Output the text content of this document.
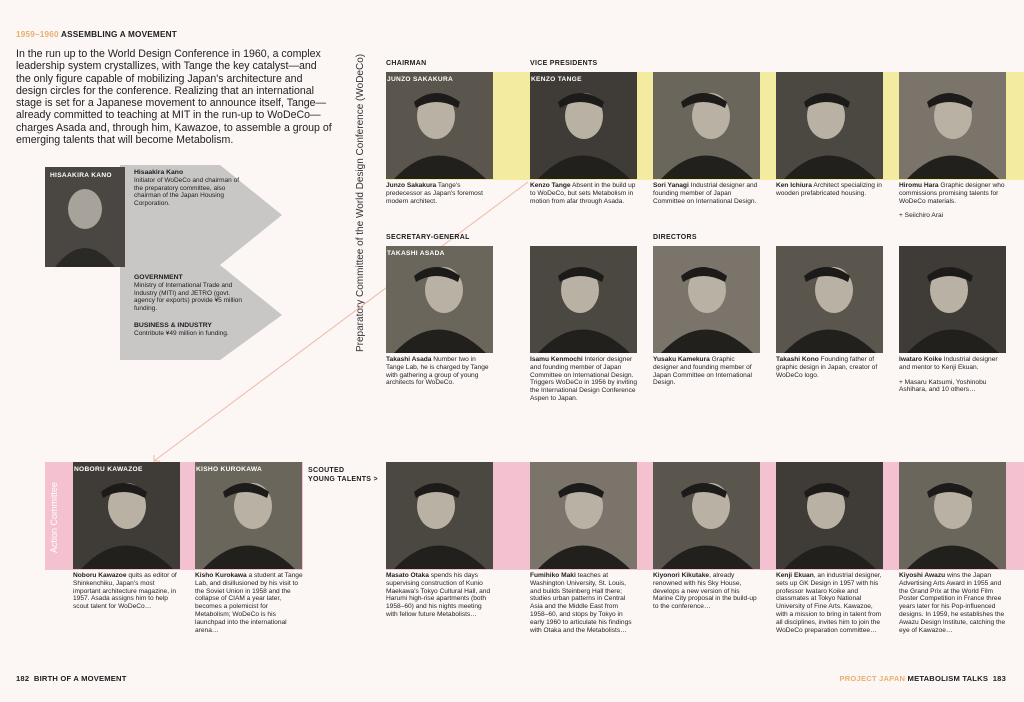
1959–1960 ASSEMBLING A MOVEMENT
In the run up to the World Design Conference in 1960, a complex leadership system crystallizes, with Tange the key catalyst—and the only figure capable of mobilizing Japan's architecture and design circles for the conference. Realizing that an international stage is set for a Japanese movement to announce itself, Tange—already committed to teaching at MIT in the run-up to WoDeCo—charges Asada and, through him, Kawazoe, to assemble a group of emerging talents that will become Metabolism.
HISAAKIRA KANO	Hisaakira Kano
Initiator of WoDeCo and chairman of the preparatory committee, also chairman of the Japan Housing Corporation.
GOVERNMENT
Ministry of International Trade and Industry (MITI) and JETRO (govt. agency for exports) provide ¥5 million funding.
BUSINESS & INDUSTRY
Contribute ¥49 million in funding.	Preparatory Committee of the World Design Conference (WoDeCo)	CHAIRMAN	VICE PRESIDENTS
SECRETARY-GENERAL	DIRECTORS
SCOUTED
YOUNG TALENTS >
JUNZO SAKAKURA
Junzo Sakakura Tange's predecessor as Japan's foremost modern architect.
KENZO TANGE
Kenzo Tange Absent in the build up to WoDeCo, but sets Metabolism in motion from afar through Asada.
Sori Yanagi Industrial designer and founding member of Japan Committee on International Design.
Ken Ichiura Architect specializing in wooden prefabricated housing.
Hiromu Hara Graphic designer who commissions promising talents for WoDeCo materials.
+ Seiichiro Arai
TAKASHI ASADA
Takashi Asada Number two in Tange Lab, he is charged by Tange with gathering a group of young architects for WoDeCo.
Isamu Kenmochi Interior designer and founding member of Japan Committee on International Design. Triggers WoDeCo in 1956 by inviting the International Design Conference Aspen to Japan.
Yusaku Kamekura Graphic designer and founding member of Japan Committee on International Design.
Takashi Kono Founding father of graphic design in Japan, creator of WoDeCo logo.
Iwataro Koike Industrial designer and mentor to Kenji Ekuan.
+ Masaru Katsumi, Yoshinobu Ashihara, and 10 others…
NOBORU KAWAZOE
Noboru Kawazoe quits as editor of Shinkenchiku, Japan's most important architecture magazine, in 1957. Asada assigns him to help scout talent for WoDeCo…
KISHO KUROKAWA
Kisho Kurokawa a student at Tange Lab, and disillusioned by his visit to the Soviet Union in 1958 and the collapse of CIAM a year later, becomes a polemicist for Metabolism; WoDeCo is his launchpad into the international arena…
Masato Otaka spends his days supervising construction of Kunio Maekawa's Tokyo Cultural Hall, and Harumi high-rise apartments (both 1958–60) and his nights meeting with fellow future Metabolists…
Fumihiko Maki teaches at Washington University, St. Louis, and builds Steinberg Hall there; studies urban patterns in Central Asia and the Middle East from 1958–60, and stops by Tokyo in early 1960 to articulate his findings with Otaka and the Metabolists…
Kiyonori Kikutake, already renowned with his Sky House, develops a new version of his Marine City proposal in the build-up to the conference…
Kenji Ekuan, an industrial designer, sets up GK Design in 1957 with his professor Iwataro Koike and classmates at Tokyo National University of Fine Arts. Kawazoe, with a mission to bring in talent from all disciplines, invites him to join the WoDeCo preparation committee…
Kiyoshi Awazu wins the Japan Advertising Arts Award in 1955 and the Grand Prix at the World Film Poster Competition in France three years later for his Pop-influenced designs. In 1959, he establishes the Awazu Design Institute, catching the eye of Kawazoe…
Action Committee
182 BIRTH OF A MOVEMENT	PROJECT JAPAN METABOLISM TALKS 183
